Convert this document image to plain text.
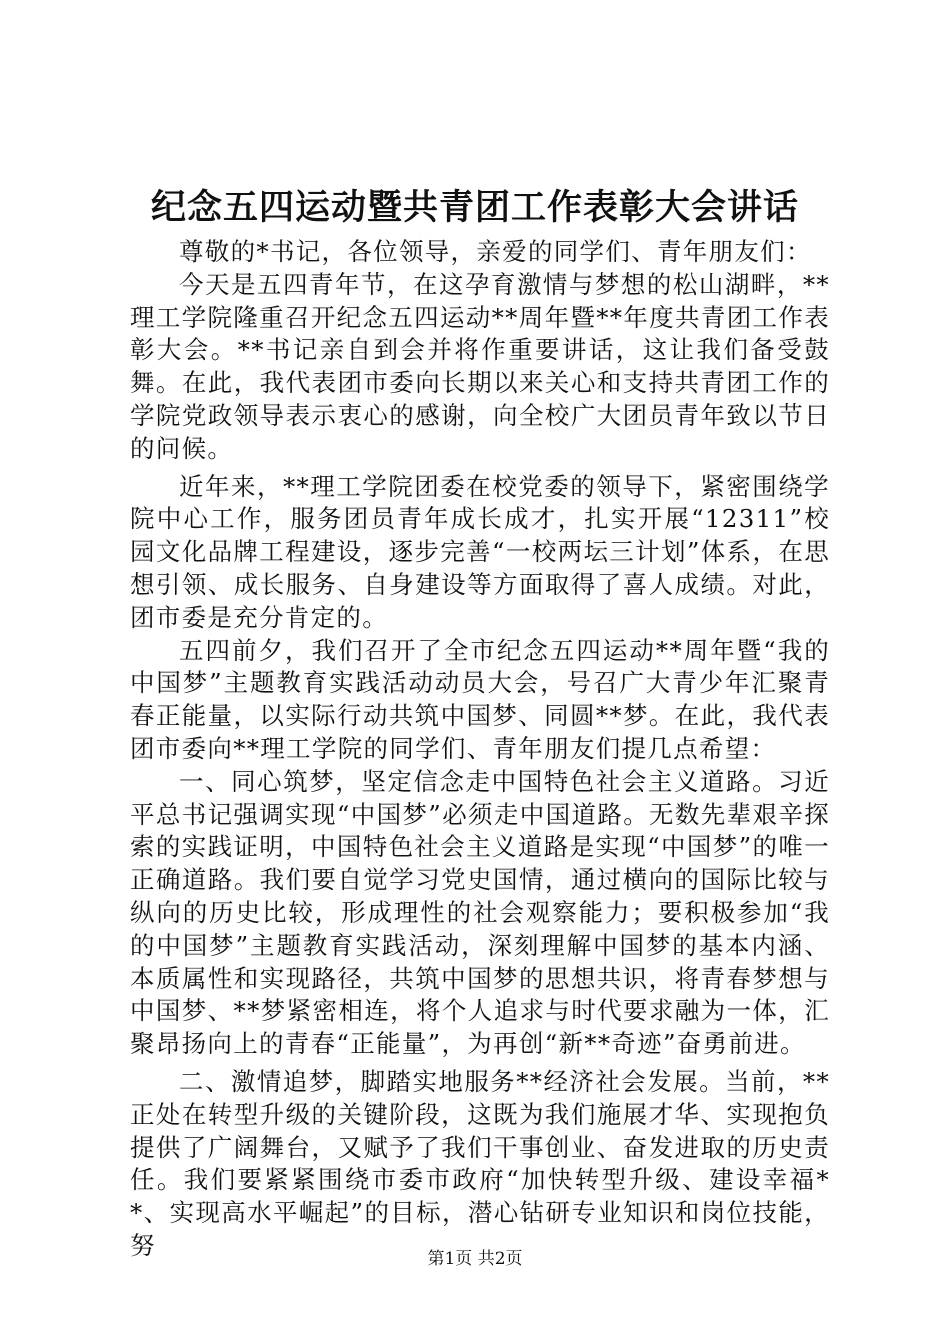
纪念五四运动暨共青团工作表彰大会讲话

尊敬的*书记，各位领导，亲爱的同学们、青年朋友们：

今天是五四青年节，在这孕育激情与梦想的松山湖畔，**理工学院隆重召开纪念五四运动**周年暨**年度共青团工作表彰大会。**书记亲自到会并将作重要讲话，这让我们备受鼓舞。在此，我代表团市委向长期以来关心和支持共青团工作的学院党政领导表示衷心的感谢，向全校广大团员青年致以节日的问候。

近年来，**理工学院团委在校党委的领导下，紧密围绕学院中心工作，服务团员青年成长成才，扎实开展“12311”校园文化品牌工程建设，逐步完善“一校两坛三计划”体系，在思想引领、成长服务、自身建设等方面取得了喜人成绩。对此，团市委是充分肯定的。

五四前夕，我们召开了全市纪念五四运动**周年暨“我的中国梦”主题教育实践活动动员大会，号召广大青少年汇聚青春正能量，以实际行动共筑中国梦、同圆**梦。在此，我代表团市委向**理工学院的同学们、青年朋友们提几点希望：

一、同心筑梦，坚定信念走中国特色社会主义道路。习近平总书记强调实现“中国梦”必须走中国道路。无数先辈艰辛探索的实践证明，中国特色社会主义道路是实现“中国梦”的唯一正确道路。我们要自觉学习党史国情，通过横向的国际比较与纵向的历史比较，形成理性的社会观察能力；要积极参加“我的中国梦”主题教育实践活动，深刻理解中国梦的基本内涵、本质属性和实现路径，共筑中国梦的思想共识，将青春梦想与中国梦、**梦紧密相连，将个人追求与时代要求融为一体，汇聚昂扬向上的青春“正能量”，为再创“新**奇迹”奋勇前进。

二、激情追梦，脚踏实地服务**经济社会发展。当前，**正处在转型升级的关键阶段，这既为我们施展才华、实现抱负提供了广阔舞台，又赋予了我们干事创业、奋发进取的历史责任。我们要紧紧围绕市委市政府“加快转型升级、建设幸福**、实现高水平崛起”的目标，潜心钻研专业知识和岗位技能，努	第1页 共2页
